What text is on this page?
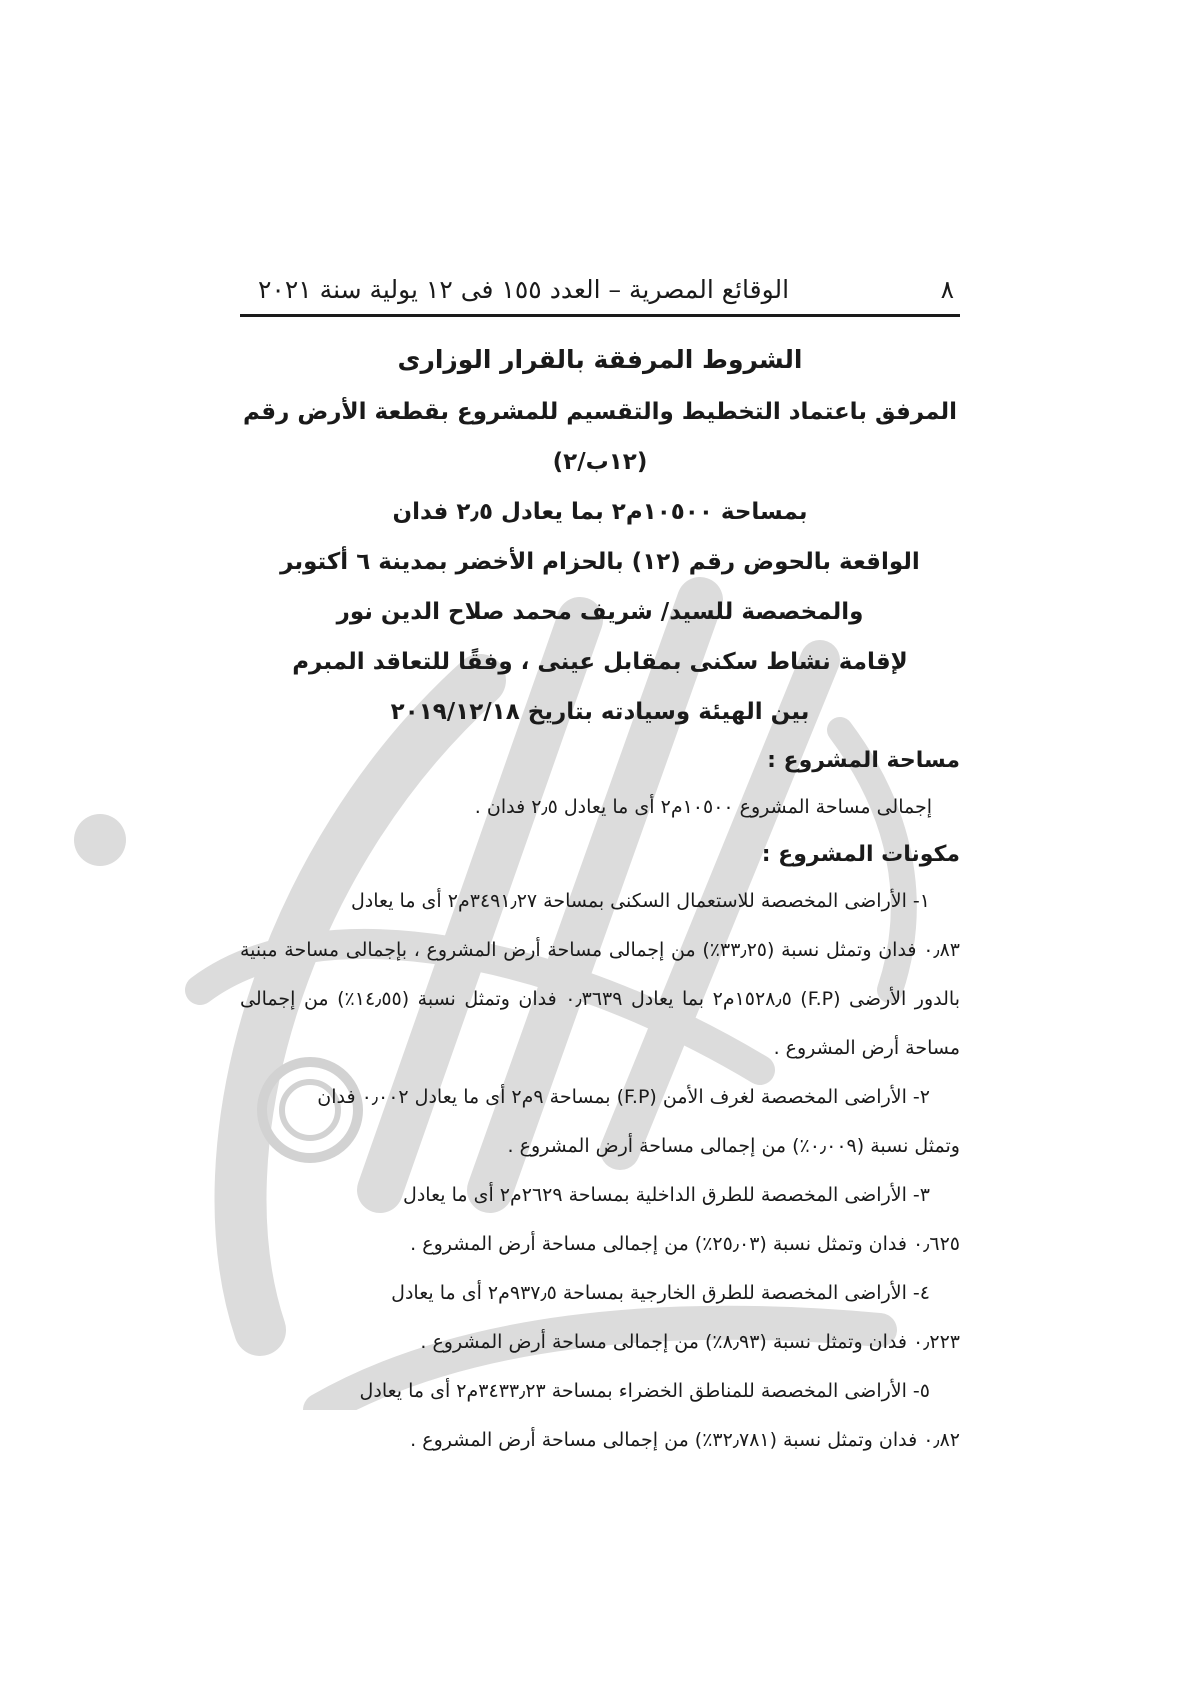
٨
الوقائع المصرية – العدد ١٥٥ فى ١٢ يولية سنة ٢٠٢١
الشروط المرفقة بالقرار الوزارى
المرفق باعتماد التخطيط والتقسيم للمشروع بقطعة الأرض رقم (١٢ب/٢)
بمساحة ١٠٥٠٠م٢ بما يعادل ٢٫٥ فدان
الواقعة بالحوض رقم (١٢) بالحزام الأخضر بمدينة ٦ أكتوبر
والمخصصة للسيد/ شريف محمد صلاح الدين نور
لإقامة نشاط سكنى بمقابل عينى ، وفقًا للتعاقد المبرم
بين الهيئة وسيادته بتاريخ ٢٠١٩/١٢/١٨
مساحة المشروع :
إجمالى مساحة المشروع ١٠٥٠٠م٢ أى ما يعادل ٢٫٥ فدان .
مكونات المشروع :
١- الأراضى المخصصة للاستعمال السكنى بمساحة ٣٤٩١٫٢٧م٢ أى ما يعادل
٠٫٨٣ فدان وتمثل نسبة (٣٣٫٢٥٪) من إجمالى مساحة أرض المشروع ، بإجمالى مساحة مبنية بالدور الأرضى (F.P) ١٥٢٨٫٥م٢ بما يعادل ٠٫٣٦٣٩ فدان وتمثل نسبة (١٤٫٥٥٪) من إجمالى مساحة أرض المشروع .
٢- الأراضى المخصصة لغرف الأمن (F.P) بمساحة ٩م٢ أى ما يعادل ٠٫٠٠٢ فدان
وتمثل نسبة (٠٫٠٠٩٪) من إجمالى مساحة أرض المشروع .
٣- الأراضى المخصصة للطرق الداخلية بمساحة ٢٦٢٩م٢ أى ما يعادل
٠٫٦٢٥ فدان وتمثل نسبة (٢٥٫٠٣٪) من إجمالى مساحة أرض المشروع .
٤- الأراضى المخصصة للطرق الخارجية بمساحة ٩٣٧٫٥م٢ أى ما يعادل
٠٫٢٢٣ فدان وتمثل نسبة (٨٫٩٣٪) من إجمالى مساحة أرض المشروع .
٥- الأراضى المخصصة للمناطق الخضراء بمساحة ٣٤٣٣٫٢٣م٢ أى ما يعادل
٠٫٨٢ فدان وتمثل نسبة (٣٢٫٧٨١٪) من إجمالى مساحة أرض المشروع .
